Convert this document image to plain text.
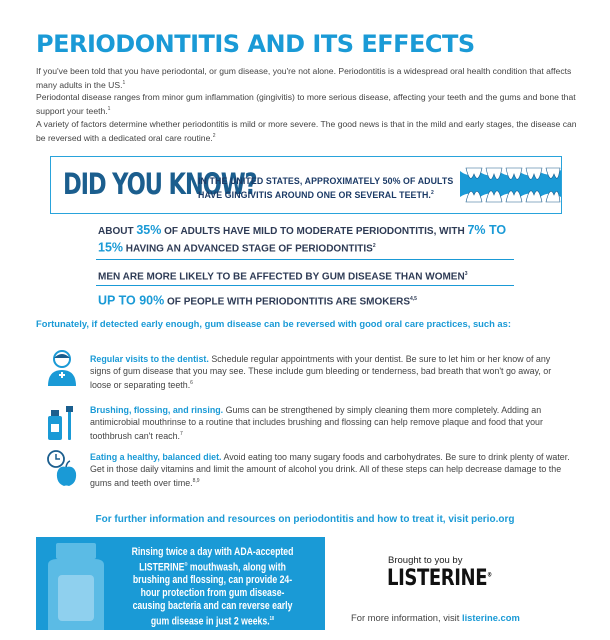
PERIODONTITIS AND ITS EFFECTS
If you've been told that you have periodontal, or gum disease, you're not alone. Periodontitis is a widespread oral health condition that affects many adults in the US.$^1$
Periodontal disease ranges from minor gum inflammation (gingivitis) to more serious disease, affecting your teeth and the gums and bone that support your teeth.$^1$
A variety of factors determine whether periodontitis is mild or more severe. The good news is that in the mild and early stages, the disease can be reversed with a dedicated oral care routine.$^2$
DID YOU KNOW?
IN THE UNITED STATES, APPROXIMATELY 50% OF ADULTS HAVE GINGIVITIS AROUND ONE OR SEVERAL TEETH.$^2$
ABOUT 35% OF ADULTS HAVE MILD TO MODERATE PERIODONTITIS, WITH 7% TO 15% HAVING AN ADVANCED STAGE OF PERIODONTITIS$^2$
MEN ARE MORE LIKELY TO BE AFFECTED BY GUM DISEASE THAN WOMEN$^3$
UP TO 90% OF PEOPLE WITH PERIODONTITIS ARE SMOKERS$^{4,5}$
Fortunately, if detected early enough, gum disease can be reversed with good oral care practices, such as:
Regular visits to the dentist. Schedule regular appointments with your dentist. Be sure to let him or her know of any signs of gum disease that you may see. These include gum bleeding or tenderness, bad breath that won't go away, or loose or separating teeth.$^6$
Brushing, flossing, and rinsing. Gums can be strengthened by simply cleaning them more completely. Adding an antimicrobial mouthrinse to a routine that includes brushing and flossing can help remove plaque and food that your toothbrush can't reach.$^7$
Eating a healthy, balanced diet. Avoid eating too many sugary foods and carbohydrates. Be sure to drink plenty of water. Get in those daily vitamins and limit the amount of alcohol you drink. All of these steps can help decrease damage to the gums and teeth over time.$^{8,9}$
For further information and resources on periodontitis and how to treat it, visit perio.org
Rinsing twice a day with ADA-accepted LISTERINE® mouthwash, along with brushing and flossing, can provide 24-hour protection from gum disease-causing bacteria and can reverse early gum disease in just 2 weeks.$^{10}$
Brought to you by
LISTERINE®
For more information, visit listerine.com
